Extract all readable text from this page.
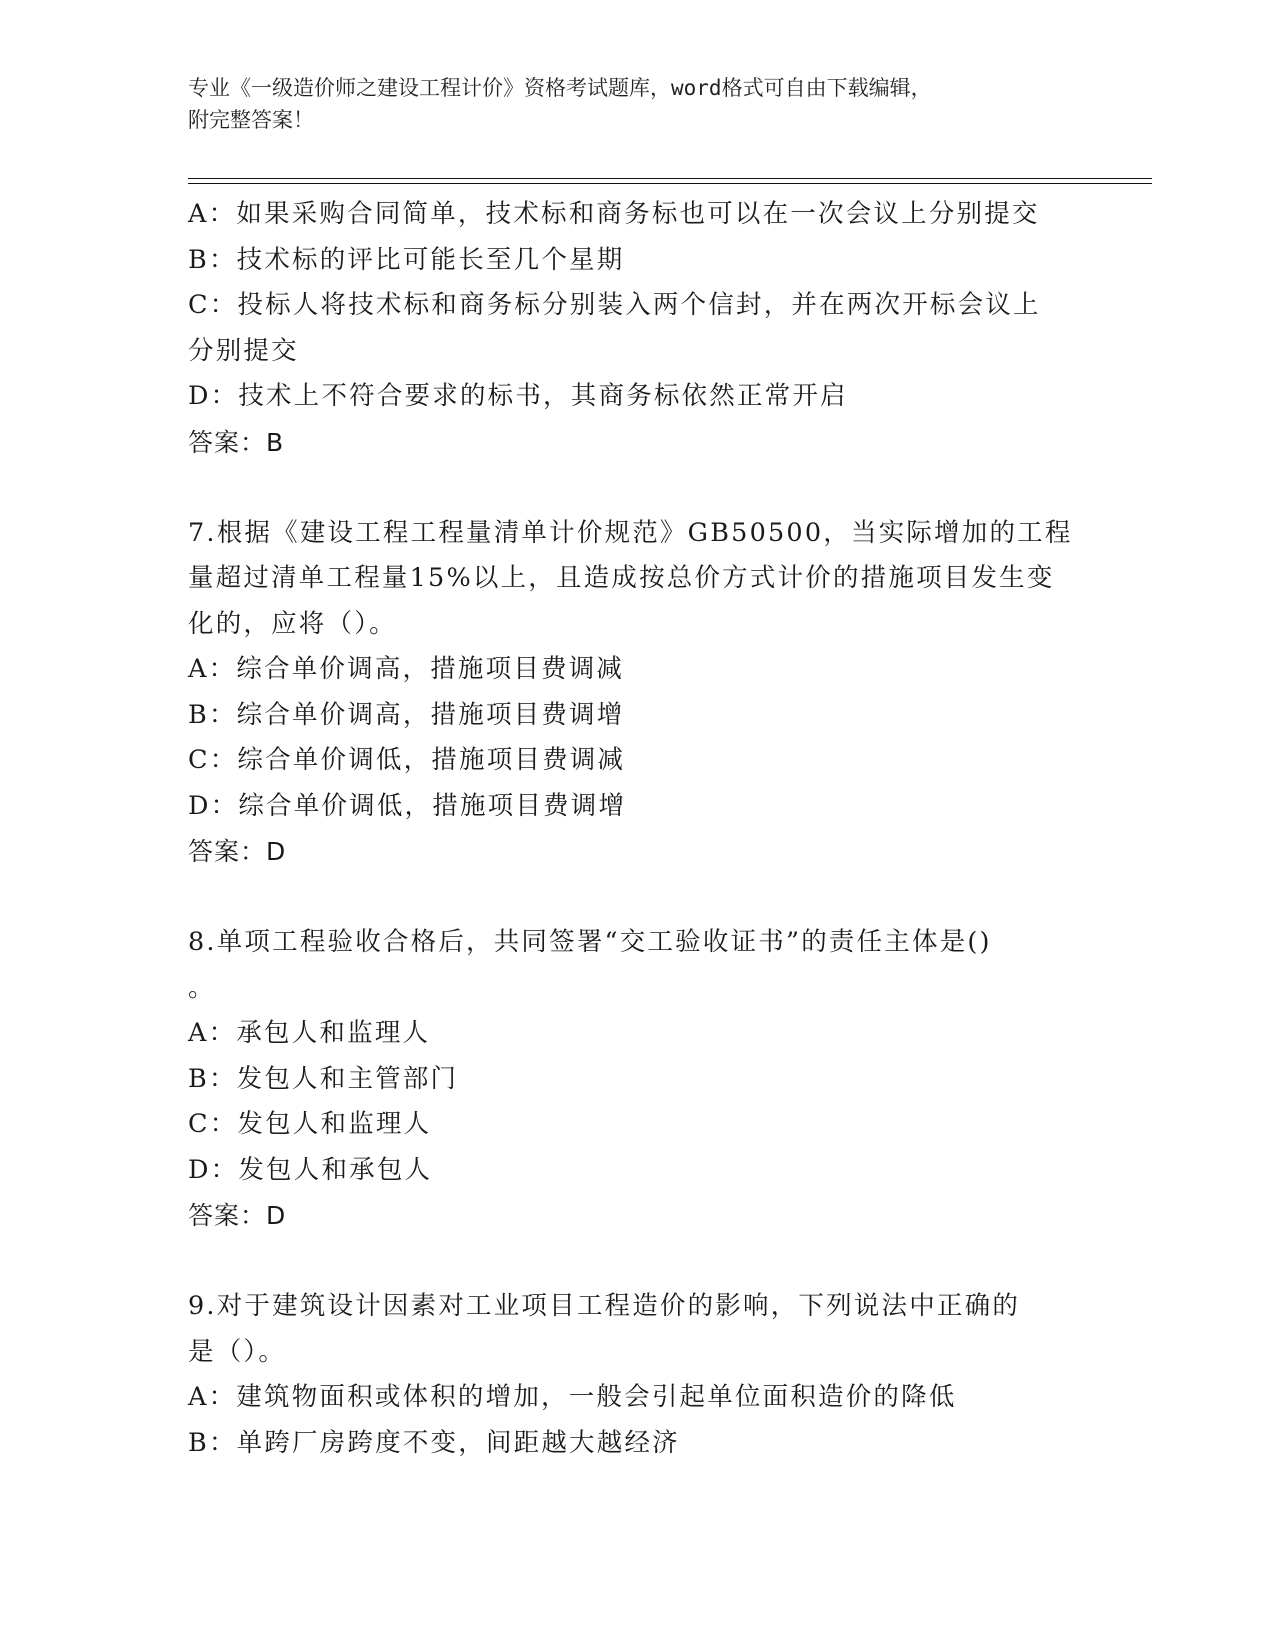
专业《一级造价师之建设工程计价》资格考试题库，word格式可自由下载编辑，
附完整答案！
A：如果采购合同简单，技术标和商务标也可以在一次会议上分别提交
B：技术标的评比可能长至几个星期
C：投标人将技术标和商务标分别装入两个信封，并在两次开标会议上
分别提交
D：技术上不符合要求的标书，其商务标依然正常开启
答案：B
7.根据《建设工程工程量清单计价规范》GB50500，当实际增加的工程
量超过清单工程量15%以上，且造成按总价方式计价的措施项目发生变
化的，应将（）。
A：综合单价调高，措施项目费调减
B：综合单价调高，措施项目费调增
C：综合单价调低，措施项目费调减
D：综合单价调低，措施项目费调增
答案：D
8.单项工程验收合格后，共同签署“交工验收证书”的责任主体是()
。
A：承包人和监理人
B：发包人和主管部门
C：发包人和监理人
D：发包人和承包人
答案：D
9.对于建筑设计因素对工业项目工程造价的影响，下列说法中正确的
是（）。
A：建筑物面积或体积的增加，一般会引起单位面积造价的降低
B：单跨厂房跨度不变，间距越大越经济
